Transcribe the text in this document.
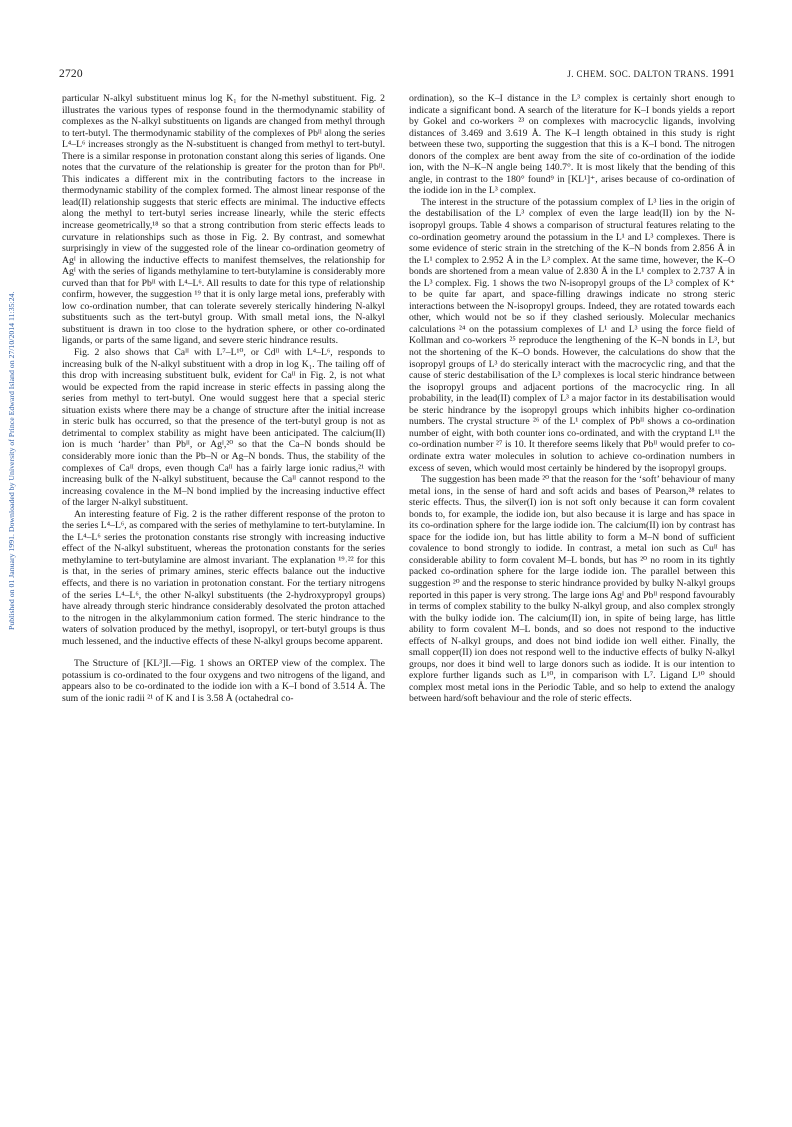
2720	J. CHEM. SOC. DALTON TRANS. 1991
Published on 01 January 1991. Downloaded by University of Prince Edward Island on 27/10/2014 11:35:24.

particular N-alkyl substituent minus log K₁ for the N-methyl substituent. Fig. 2 illustrates the various types of response found in the thermodynamic stability of complexes as the N-alkyl substituents on ligands are changed from methyl through to tert-butyl. The thermodynamic stability of the complexes of Pbᴵᴵ along the series L⁴–L⁶ increases strongly as the N-substituent is changed from methyl to tert-butyl. There is a similar response in protonation constant along this series of ligands. One notes that the curvature of the relationship is greater for the proton than for Pbᴵᴵ. This indicates a different mix in the contributing factors to the increase in thermodynamic stability of the complex formed. The almost linear response of the lead(II) relationship suggests that steric effects are minimal. The inductive effects along the methyl to tert-butyl series increase linearly, while the steric effects increase geometrically,¹⁸ so that a strong contribution from steric effects leads to curvature in relationships such as those in Fig. 2. By contrast, and somewhat surprisingly in view of the suggested role of the linear co-ordination geometry of Agᴵ in allowing the inductive effects to manifest themselves, the relationship for Agᴵ with the series of ligands methylamine to tert-butylamine is considerably more curved than that for Pbᴵᴵ with L⁴–L⁶. All results to date for this type of relationship confirm, however, the suggestion ¹⁹ that it is only large metal ions, preferably with low co-ordination number, that can tolerate severely sterically hindering N-alkyl substituents such as the tert-butyl group. With small metal ions, the N-alkyl substituent is drawn in too close to the hydration sphere, or other co-ordinated ligands, or parts of the same ligand, and severe steric hindrance results.

Fig. 2 also shows that Caᴵᴵ with L⁷–L¹⁰, or Cdᴵᴵ with L⁴–L⁶, responds to increasing bulk of the N-alkyl substituent with a drop in log K₁. The tailing off of this drop with increasing substituent bulk, evident for Caᴵᴵ in Fig. 2, is not what would be expected from the rapid increase in steric effects in passing along the series from methyl to tert-butyl. One would suggest here that a special steric situation exists where there may be a change of structure after the initial increase in steric bulk has occurred, so that the presence of the tert-butyl group is not as detrimental to complex stability as might have been anticipated. The calcium(II) ion is much ‘harder’ than Pbᴵᴵ, or Agᴵ,²⁰ so that the Ca–N bonds should be considerably more ionic than the Pb–N or Ag–N bonds. Thus, the stability of the complexes of Caᴵᴵ drops, even though Caᴵᴵ has a fairly large ionic radius,²¹ with increasing bulk of the N-alkyl substituent, because the Caᴵᴵ cannot respond to the increasing covalence in the M–N bond implied by the increasing inductive effect of the larger N-alkyl substituent.

An interesting feature of Fig. 2 is the rather different response of the proton to the series L⁴–L⁶, as compared with the series of methylamine to tert-butylamine. In the L⁴–L⁶ series the protonation constants rise strongly with increasing inductive effect of the N-alkyl substituent, whereas the protonation constants for the series methylamine to tert-butylamine are almost invariant. The explanation ¹⁹˒²² for this is that, in the series of primary amines, steric effects balance out the inductive effects, and there is no variation in protonation constant. For the tertiary nitrogens of the series L⁴–L⁶, the other N-alkyl substituents (the 2-hydroxypropyl groups) have already through steric hindrance considerably desolvated the proton attached to the nitrogen in the alkylammonium cation formed. The steric hindrance to the waters of solvation produced by the methyl, isopropyl, or tert-butyl groups is thus much lessened, and the inductive effects of these N-alkyl groups become apparent.

The Structure of [KL³]I.—Fig. 1 shows an ORTEP view of the complex. The potassium is co-ordinated to the four oxygens and two nitrogens of the ligand, and appears also to be co-ordinated to the iodide ion with a K–I bond of 3.514 Å. The sum of the ionic radii ²¹ of K and I is 3.58 Å (octahedral co-

ordination), so the K–I distance in the L³ complex is certainly short enough to indicate a significant bond. A search of the literature for K–I bonds yields a report by Gokel and co-workers ²³ on complexes with macrocyclic ligands, involving distances of 3.469 and 3.619 Å. The K–I length obtained in this study is right between these two, supporting the suggestion that this is a K–I bond. The nitrogen donors of the complex are bent away from the site of co-ordination of the iodide ion, with the N–K–N angle being 140.7°. It is most likely that the bending of this angle, in contrast to the 180° found⁹ in [KL¹]⁺, arises because of co-ordination of the iodide ion in the L³ complex.

The interest in the structure of the potassium complex of L³ lies in the origin of the destabilisation of the L³ complex of even the large lead(II) ion by the N-isopropyl groups. Table 4 shows a comparison of structural features relating to the co-ordination geometry around the potassium in the L¹ and L³ complexes. There is some evidence of steric strain in the stretching of the K–N bonds from 2.856 Å in the L¹ complex to 2.952 Å in the L³ complex. At the same time, however, the K–O bonds are shortened from a mean value of 2.830 Å in the L¹ complex to 2.737 Å in the L³ complex. Fig. 1 shows the two N-isopropyl groups of the L³ complex of K⁺ to be quite far apart, and space-filling drawings indicate no strong steric interactions between the N-isopropyl groups. Indeed, they are rotated towards each other, which would not be so if they clashed seriously. Molecular mechanics calculations ²⁴ on the potassium complexes of L¹ and L³ using the force field of Kollman and co-workers ²⁵ reproduce the lengthening of the K–N bonds in L³, but not the shortening of the K–O bonds. However, the calculations do show that the isopropyl groups of L³ do sterically interact with the macrocyclic ring, and that the cause of steric destabilisation of the L³ complexes is local steric hindrance between the isopropyl groups and adjacent portions of the macrocyclic ring. In all probability, in the lead(II) complex of L³ a major factor in its destabilisation would be steric hindrance by the isopropyl groups which inhibits higher co-ordination numbers. The crystal structure ²⁶ of the L¹ complex of Pbᴵᴵ shows a co-ordination number of eight, with both counter ions co-ordinated, and with the cryptand L¹¹ the co-ordination number ²⁷ is 10. It therefore seems likely that Pbᴵᴵ would prefer to co-ordinate extra water molecules in solution to achieve co-ordination numbers in excess of seven, which would most certainly be hindered by the isopropyl groups.

The suggestion has been made ²⁰ that the reason for the ‘soft’ behaviour of many metal ions, in the sense of hard and soft acids and bases of Pearson,²⁸ relates to steric effects. Thus, the silver(I) ion is not soft only because it can form covalent bonds to, for example, the iodide ion, but also because it is large and has space in its co-ordination sphere for the large iodide ion. The calcium(II) ion by contrast has space for the iodide ion, but has little ability to form a M–N bond of sufficient covalence to bond strongly to iodide. In contrast, a metal ion such as Cuᴵᴵ has considerable ability to form covalent M–L bonds, but has ²⁰ no room in its tightly packed co-ordination sphere for the large iodide ion. The parallel between this suggestion ²⁰ and the response to steric hindrance provided by bulky N-alkyl groups reported in this paper is very strong. The large ions Agᴵ and Pbᴵᴵ respond favourably in terms of complex stability to the bulky N-alkyl group, and also complex strongly with the bulky iodide ion. The calcium(II) ion, in spite of being large, has little ability to form covalent M–L bonds, and so does not respond to the inductive effects of N-alkyl groups, and does not bind iodide ion well either. Finally, the small copper(II) ion does not respond well to the inductive effects of bulky N-alkyl groups, nor does it bind well to large donors such as iodide. It is our intention to explore further ligands such as L¹⁰, in comparison with L⁷. Ligand L¹⁰ should complex most metal ions in the Periodic Table, and so help to extend the analogy between hard/soft behaviour and the role of steric effects.
